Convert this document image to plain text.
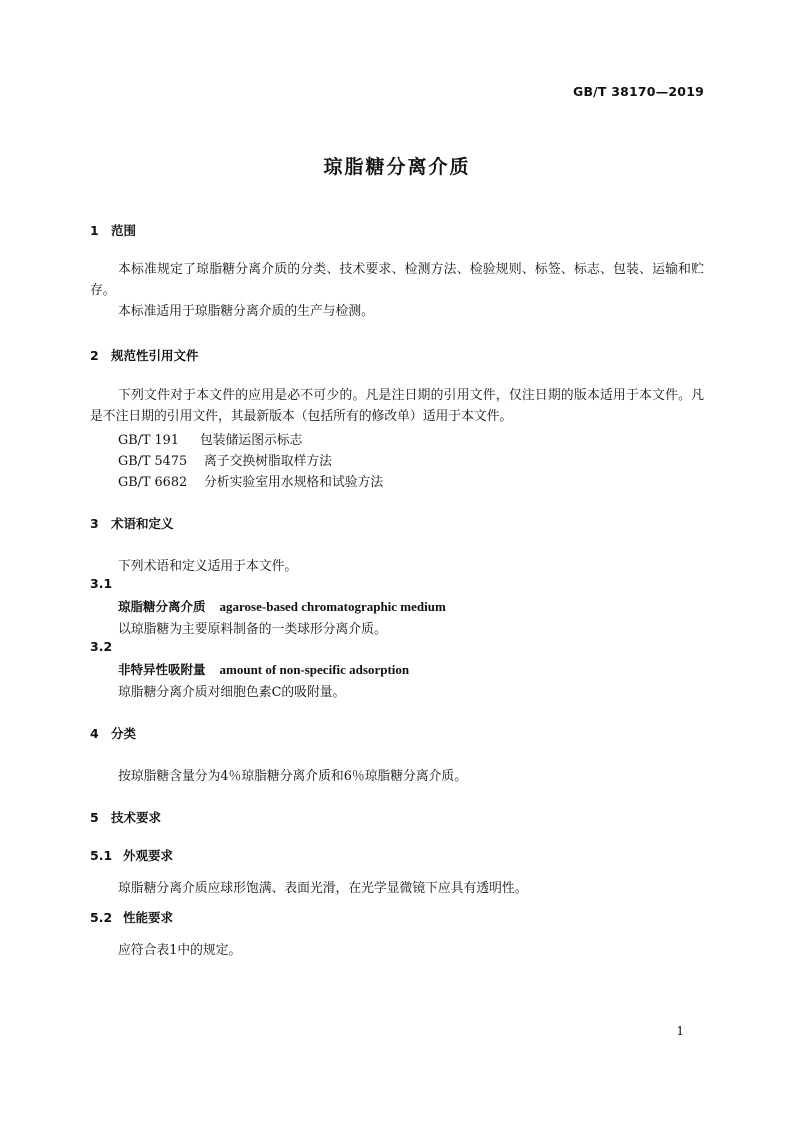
GB/T 38170—2019
琼脂糖分离介质
1 范围

本标准规定了琼脂糖分离介质的分类、技术要求、检测方法、检验规则、标签、标志、包装、运输和贮存。

本标准适用于琼脂糖分离介质的生产与检测。

2 规范性引用文件

下列文件对于本文件的应用是必不可少的。凡是注日期的引用文件，仅注日期的版本适用于本文件。凡是不注日期的引用文件，其最新版本（包括所有的修改单）适用于本文件。

GB/T 191 包装储运图示标志
GB/T 5475 离子交换树脂取样方法
GB/T 6682 分析实验室用水规格和试验方法
3 术语和定义
下列术语和定义适用于本文件。
3.1
琼脂糖分离介质 agarose-based chromatographic medium
以琼脂糖为主要原料制备的一类球形分离介质。
3.2
非特异性吸附量 amount of non-specific adsorption
琼脂糖分离介质对细胞色素C的吸附量。
4 分类
按琼脂糖含量分为4％琼脂糖分离介质和6％琼脂糖分离介质。
5 技术要求
5.1 外观要求
琼脂糖分离介质应球形饱满、表面光滑，在光学显微镜下应具有透明性。
5.2 性能要求
应符合表1中的规定。
1
